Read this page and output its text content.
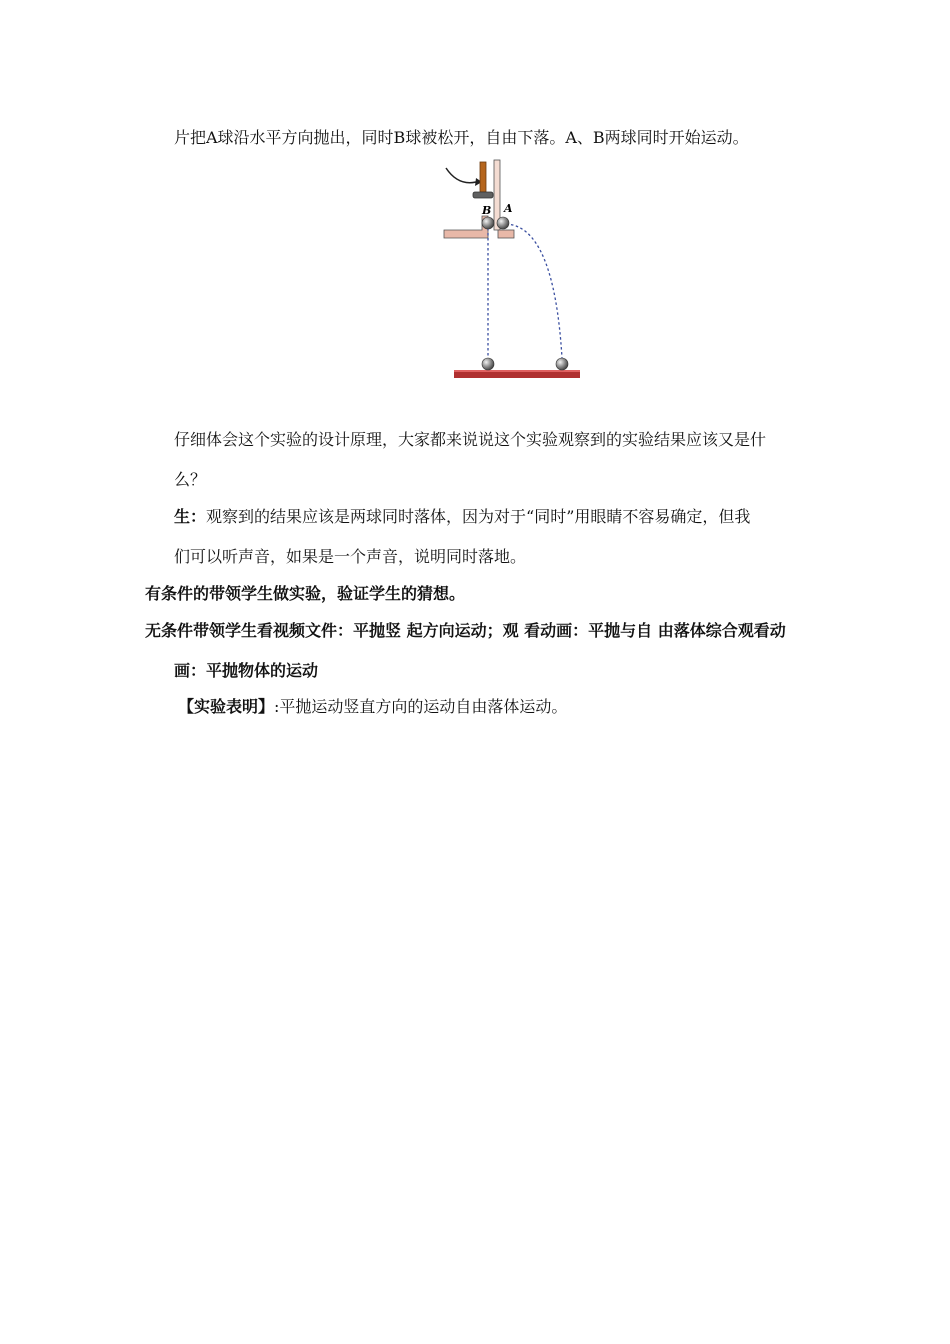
片把A球沿水平方向抛出，同时B球被松开，自由下落。A、B两球同时开始运动。
B A
仔细体会这个实验的设计原理，大家都来说说这个实验观察到的实验结果应该又是什
么？
生：观察到的结果应该是两球同时落体，因为对于“同时”用眼睛不容易确定，但我
们可以听声音，如果是一个声音，说明同时落地。
有条件的带领学生做实验，验证学生的猜想。
无条件带领学生看视频文件：平抛竖 起方向运动；观 看动画：平抛与自 由落体综合观看动
画：平抛物体的运动
【实验表明】:平抛运动竖直方向的运动自由落体运动。
